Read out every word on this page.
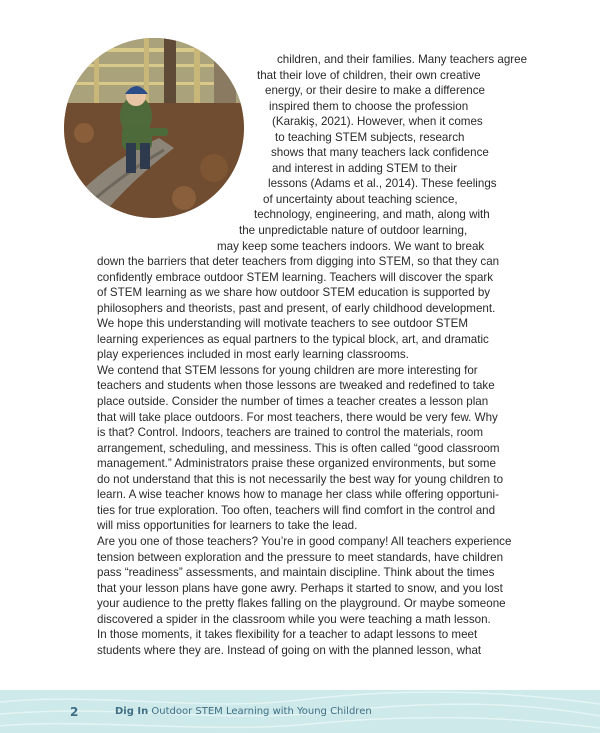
children, and their families. Many teachers agree
that their love of children, their own creative
energy, or their desire to make a difference
inspired them to choose the profession
(Karakiş, 2021). However, when it comes
to teaching STEM subjects, research
shows that many teachers lack confidence
and interest in adding STEM to their
lessons (Adams et al., 2014). These feelings
of uncertainty about teaching science,
technology, engineering, and math, along with
the unpredictable nature of outdoor learning,
may keep some teachers indoors. We want to break
down the barriers that deter teachers from digging into STEM, so that they can
confidently embrace outdoor STEM learning. Teachers will discover the spark
of STEM learning as we share how outdoor STEM education is supported by
philosophers and theorists, past and present, of early childhood development.
We hope this understanding will motivate teachers to see outdoor STEM
learning experiences as equal partners to the typical block, art, and dramatic
play experiences included in most early learning classrooms.
We contend that STEM lessons for young children are more interesting for
teachers and students when those lessons are tweaked and redefined to take
place outside. Consider the number of times a teacher creates a lesson plan
that will take place outdoors. For most teachers, there would be very few. Why
is that? Control. Indoors, teachers are trained to control the materials, room
arrangement, scheduling, and messiness. This is often called “good classroom
management.” Administrators praise these organized environments, but some
do not understand that this is not necessarily the best way for young children to
learn. A wise teacher knows how to manage her class while offering opportuni-
ties for true exploration. Too often, teachers will find comfort in the control and
will miss opportunities for learners to take the lead.
Are you one of those teachers? You’re in good company! All teachers experience
tension between exploration and the pressure to meet standards, have children
pass “readiness” assessments, and maintain discipline. Think about the times
that your lesson plans have gone awry. Perhaps it started to snow, and you lost
your audience to the pretty flakes falling on the playground. Or maybe someone
discovered a spider in the classroom while you were teaching a math lesson.
In those moments, it takes flexibility for a teacher to adapt lessons to meet
students where they are. Instead of going on with the planned lesson, what
2	Dig In Outdoor STEM Learning with Young Children
